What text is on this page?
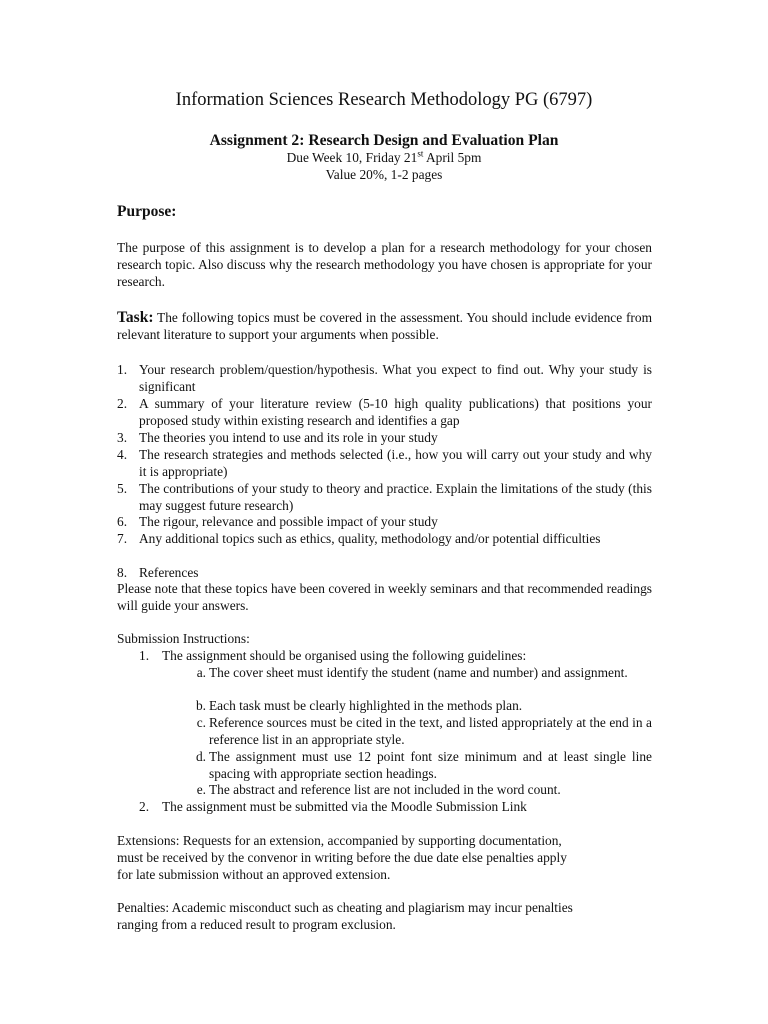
Information Sciences Research Methodology PG (6797)
Assignment 2: Research Design and Evaluation Plan
Due Week 10, Friday 21st April 5pm
Value 20%, 1-2 pages
Purpose:
The purpose of this assignment is to develop a plan for a research methodology for your chosen research topic. Also discuss why the research methodology you have chosen is appropriate for your research.
Task: The following topics must be covered in the assessment. You should include evidence from relevant literature to support your arguments when possible.
1. Your research problem/question/hypothesis. What you expect to find out. Why your study is significant
2. A summary of your literature review (5-10 high quality publications) that positions your proposed study within existing research and identifies a gap
3. The theories you intend to use and its role in your study
4. The research strategies and methods selected (i.e., how you will carry out your study and why it is appropriate)
5. The contributions of your study to theory and practice. Explain the limitations of the study (this may suggest future research)
6. The rigour, relevance and possible impact of your study
7. Any additional topics such as ethics, quality, methodology and/or potential difficulties
8. References
Please note that these topics have been covered in weekly seminars and that recommended readings will guide your answers.
Submission Instructions:
1. The assignment should be organised using the following guidelines:
a. The cover sheet must identify the student (name and number) and assignment.
b. Each task must be clearly highlighted in the methods plan.
c. Reference sources must be cited in the text, and listed appropriately at the end in a reference list in an appropriate style.
d. The assignment must use 12 point font size minimum and at least single line spacing with appropriate section headings.
e. The abstract and reference list are not included in the word count.
2. The assignment must be submitted via the Moodle Submission Link
Extensions: Requests for an extension, accompanied by supporting documentation,
must be received by the convenor in writing before the due date else penalties apply
for late submission without an approved extension.
Penalties: Academic misconduct such as cheating and plagiarism may incur penalties
ranging from a reduced result to program exclusion.
